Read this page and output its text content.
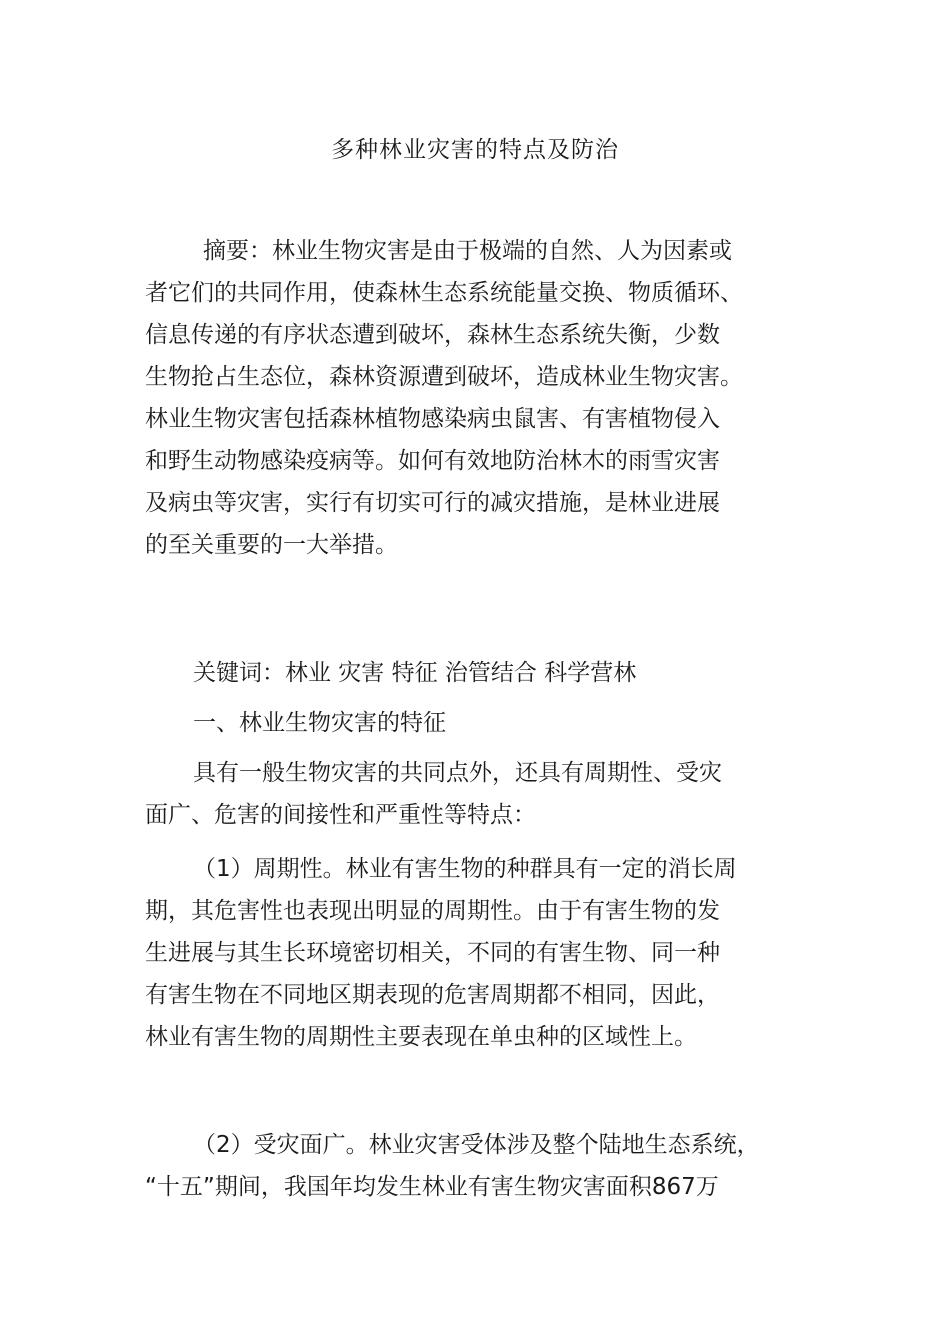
多种林业灾害的特点及防治

　摘要：林业生物灾害是由于极端的自然、人为因素或
者它们的共同作用，使森林生态系统能量交换、物质循环、
信息传递的有序状态遭到破坏，森林生态系统失衡，少数
生物抢占生态位，森林资源遭到破坏，造成林业生物灾害。
林业生物灾害包括森林植物感染病虫鼠害、有害植物侵入
和野生动物感染疫病等。如何有效地防治林木的雨雪灾害
及病虫等灾害，实行有切实可行的减灾措施，是林业进展
的至关重要的一大举措。

关键词：林业 灾害 特征 治管结合 科学营林

一、林业生物灾害的特征

具有一般生物灾害的共同点外，还具有周期性、受灾
面广、危害的间接性和严重性等特点：

（1）周期性。林业有害生物的种群具有一定的消长周
期，其危害性也表现出明显的周期性。由于有害生物的发
生进展与其生长环境密切相关，不同的有害生物、同一种
有害生物在不同地区期表现的危害周期都不相同，因此，
林业有害生物的周期性主要表现在单虫种的区域性上。

（2）受灾面广。林业灾害受体涉及整个陆地生态系统，
“十五”期间，我国年均发生林业有害生物灾害面积867万
